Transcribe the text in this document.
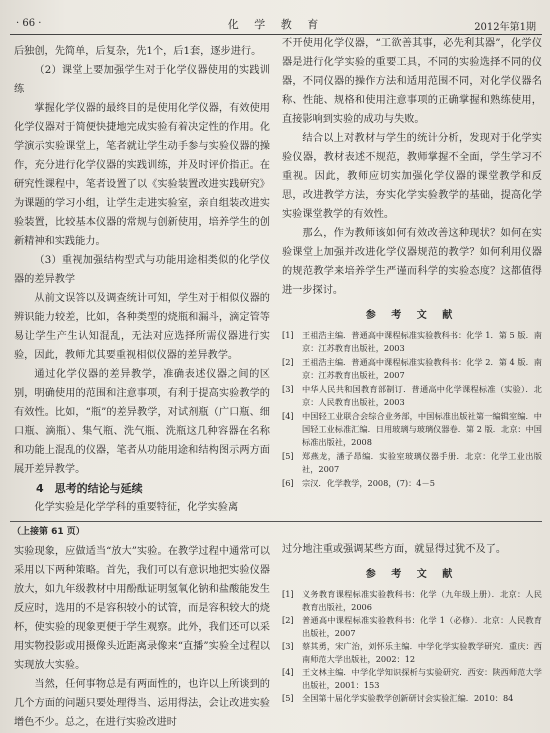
· 66 ·	化 学 教 育	2012年第1期

后独创，先简单，后复杂，先1个，后1套，逐步进行。

（2）课堂上要加强学生对于化学仪器使用的实践训练

掌握化学仪器的最终目的是使用化学仪器，有效使用化学仪器对于简便快捷地完成实验有着决定性的作用。化学演示实验课堂上，笔者就让学生动手参与实验仪器的操作，充分进行化学仪器的实践训练，并及时评价指正。在研究性课程中，笔者设置了以《实验装置改进实践研究》为课题的学习小组，让学生走进实验室，亲自组装改进实验装置，比较基本仪器的常规与创新使用，培养学生的创新精神和实践能力。

（3）重视加强结构型式与功能用途相类似的化学仪器的差异教学

从前文误答以及调查统计可知，学生对于相似仪器的辨识能力较差，比如，各种类型的烧瓶和漏斗，滴定管等易让学生产生认知混乱，无法对应选择所需仪器进行实验，因此，教师尤其要重视相似仪器的差异教学。

通过化学仪器的差异教学，准确表述仪器之间的区别，明确使用的范围和注意事项，有利于提高实验教学的有效性。比如，“瓶”的差异教学，对试剂瓶（广口瓶、细口瓶、滴瓶）、集气瓶、洗气瓶、洗瓶这几种容器在名称和功能上混乱的仪器，笔者从功能用途和结构图示两方面展开差异教学。

4　思考的结论与延续

化学实验是化学学科的重要特征，化学实验离

不开使用化学仪器，“工欲善其事，必先利其器”，化学仪器是进行化学实验的重要工具，不同的实验选择不同的仪器，不同仪器的操作方法和适用范围不同，对化学仪器名称、性能、规格和使用注意事项的正确掌握和熟练使用，直接影响到实验的成功与失败。

结合以上对教材与学生的统计分析，发现对于化学实验仪器，教材表述不规范，教师掌握不全面，学生学习不重视。因此，教师应切实加强化学仪器的课堂教学和反思，改进教学方法，夯实化学实验教学的基础，提高化学实验课堂教学的有效性。

那么，作为教师该如何有效改善这种现状？如何在实验课堂上加强并改进化学仪器规范的教学？如何利用仪器的规范教学来培养学生严谨而科学的实验态度？这都值得进一步探讨。

参 考 文 献
[1]	王祖浩主编．普通高中课程标准实验教科书：化学 1．第 5 版．南京：江苏教育出版社，2003
[2]	王祖浩主编．普通高中课程标准实验教科书：化学 2．第 4 版．南京：江苏教育出版社，2007
[3]	中华人民共和国教育部制订．普通高中化学课程标准（实验）．北京：人民教育出版社，2003
[4]	中国轻工业联合会综合业务部，中国标准出版社第一编辑室编．中国轻工业标准汇编．日用玻璃与玻璃仪器卷．第 2 版．北京：中国标准出版社，2008
[5]	郑燕龙，潘子昂编．实验室玻璃仪器手册．北京：化学工业出版社，2007
[6]	宗汉．化学教学，2008，(7)：4－5
（上接第 61 页）

实验现象，应做适当“放大”实验。在教学过程中通常可以采用以下两种策略。首先，我们可以有意识地把实验仪器放大，如九年级教材中用酚酞证明氢氧化钠和盐酸能发生反应时，选用的不是容积较小的试管，而是容积较大的烧杯，使实验的现象更便于学生观察。此外，我们还可以采用实物投影或用摄像头近距离录像来“直播”实验全过程以实现放大实验。

当然，任何事物总是有两面性的，也许以上所谈到的几个方面的问题只要处理得当、运用得法，会让改进实验增色不少。总之，在进行实验改进时

过分地注重或强调某些方面，就显得过犹不及了。

参 考 文 献
[1]	义务教育课程标准实验教科书：化学（九年级上册）．北京：人民教育出版社，2006
[2]	普通高中课程标准实验教科书：化学 1（必修）．北京：人民教育出版社，2007
[3]	蔡其勇，宋广治，刘怀乐主编．中学化学实验教学研究．重庆：西南师范大学出版社，2002：12
[4]	王文林主编．中学化学知识探析与实验研究．西安：陕西师范大学出版社，2001：153
[5]	全国第十届化学实验教学创新研讨会实验汇编．2010：84
